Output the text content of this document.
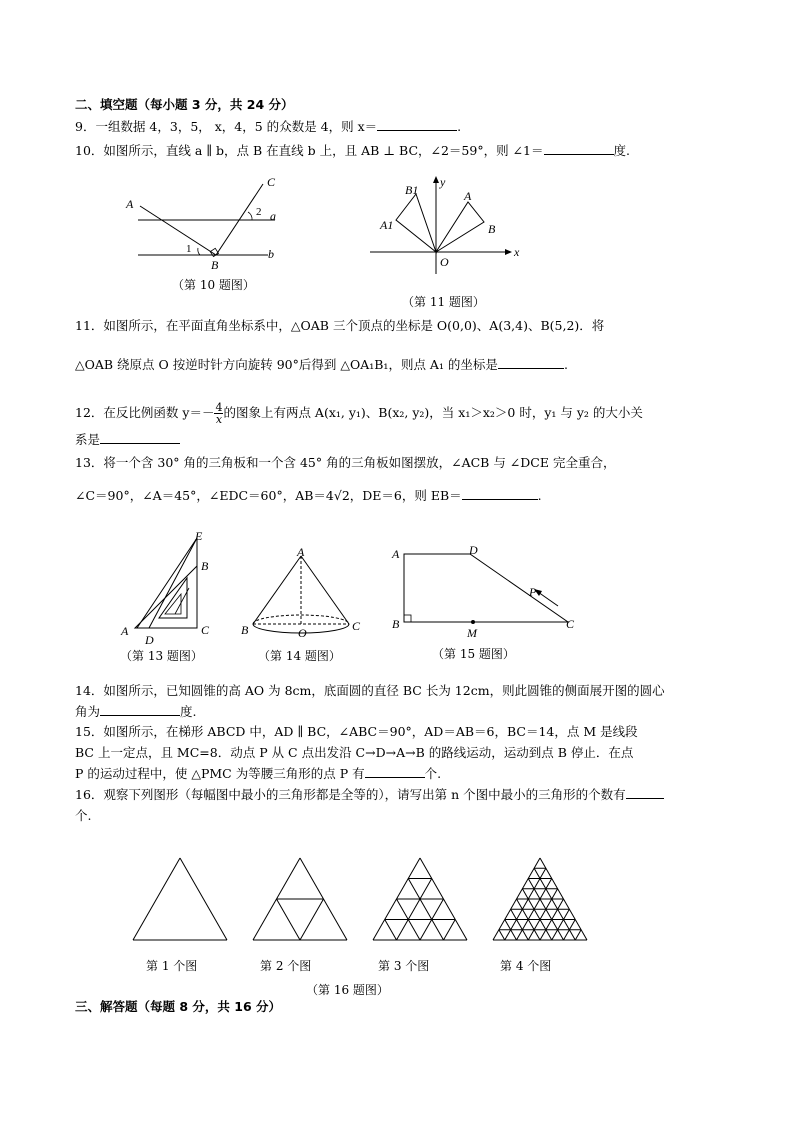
二、填空题（每小题 3 分，共 24 分）
9．一组数据 4，3，5， x，4，5 的众数是 4，则 x＝	.
10．如图所示，直线 a ∥ b，点 B 在直线 b 上，且 AB ⊥ BC，∠2＝59°，则 ∠1＝	度.
A
C
2 a
1
B
b
（第 10 题图）
y
B1	A
A1	B
O
x
（第 11 题图）
11．如图所示，在平面直角坐标系中，△OAB 三个顶点的坐标是 O(0,0)、A(3,4)、B(5,2)．将
△OAB 绕原点 O 按逆时针方向旋转 90°后得到 △OA₁B₁，则点 A₁ 的坐标是	.
12．在反比例函数 $y=- \frac{4}{x}$ 的图象上有两点 A(x₁, y₁)、B(x₂, y₂)，当 x₁＞x₂＞0 时，y₁ 与 y₂ 的大小关
系是
13．将一个含 30° 角的三角板和一个含 45° 角的三角板如图摆放，∠ACB 与 ∠DCE 完全重合，
∠C＝90°，∠A＝45°，∠EDC＝60°，AB＝4√2，DE＝6，则 EB＝	.
E
B
A
D
C
（第 13 题图）
A
B	O	C
（第 14 题图）
A	D
P
B
M
C
（第 15 题图）
14．如图所示，已知圆锥的高 AO 为 8cm，底面圆的直径 BC 长为 12cm，则此圆锥的侧面展开图的圆心
角为	度.
15．如图所示，在梯形 ABCD 中，AD ∥ BC，∠ABC＝90°，AD＝AB＝6，BC＝14，点 M 是线段
BC 上一定点，且 MC=8．动点 P 从 C 点出发沿 C→D→A→B 的路线运动，运动到点 B 停止．在点
P 的运动过程中，使 △PMC 为等腰三角形的点 P 有	个.
16．观察下列图形（每幅图中最小的三角形都是全等的），请写出第 n 个图中最小的三角形的个数有
个.
第 1 个图	第 2 个图	第 3 个图	第 4 个图
（第 16 题图）
三、解答题（每题 8 分，共 16 分）
